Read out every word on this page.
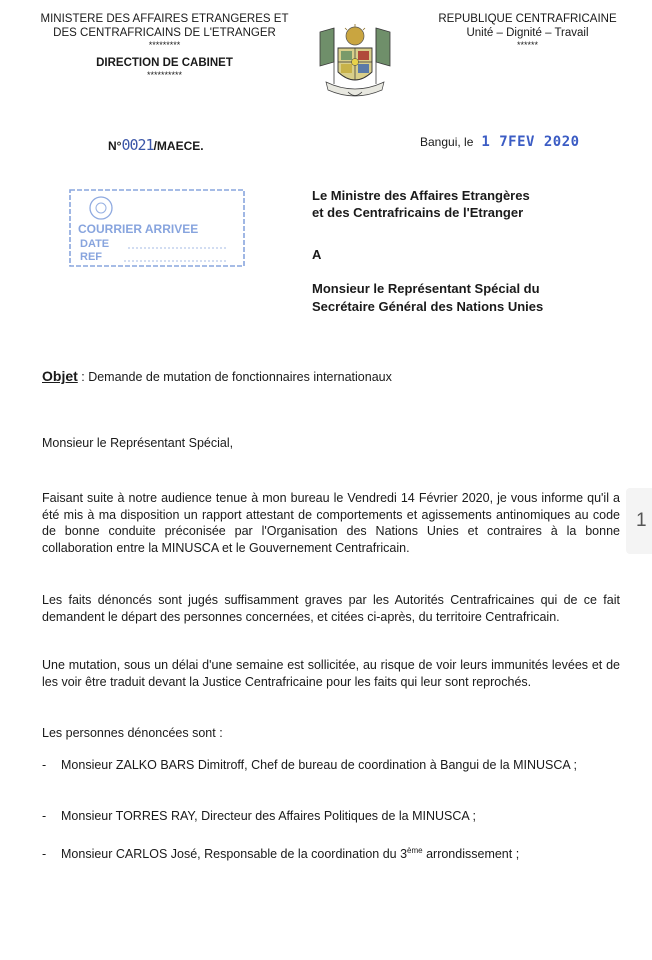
MINISTERE DES AFFAIRES ETRANGERES ET
DES CENTRAFRICAINS DE L'ETRANGER
*********
DIRECTION DE CABINET
**********
REPUBLIQUE CENTRAFRICAINE
Unité – Dignité – Travail
******
N°0021/MAECE.	Bangui, le 1 7FEV 2020
COURRIER ARRIVEE
DATE
REF
Le Ministre des Affaires Etrangères
et des Centrafricains de l'Etranger
A
Monsieur le Représentant Spécial du
Secrétaire Général des Nations Unies
Objet : Demande de mutation de fonctionnaires internationaux
Monsieur le Représentant Spécial,

Faisant suite à notre audience tenue à mon bureau le Vendredi 14 Février 2020, je vous informe qu'il a été mis à ma disposition un rapport attestant de comportements et agissements antinomiques au code de bonne conduite préconisée par l'Organisation des Nations Unies et contraires à la bonne collaboration entre la MINUSCA et le Gouvernement Centrafricain.

Les faits dénoncés sont jugés suffisamment graves par les Autorités Centrafricaines qui de ce fait demandent le départ des personnes concernées, et citées ci-après, du territoire Centrafricain.

Une mutation, sous un délai d'une semaine est sollicitée, au risque de voir leurs immunités levées et de les voir être traduit devant la Justice Centrafricaine pour les faits qui leur sont reprochés.

Les personnes dénoncées sont :
- Monsieur ZALKO BARS Dimitroff, Chef de bureau de coordination à Bangui de la MINUSCA ;
- Monsieur TORRES RAY, Directeur des Affaires Politiques de la MINUSCA ;
- Monsieur CARLOS José, Responsable de la coordination du 3ème arrondissement ;
1
